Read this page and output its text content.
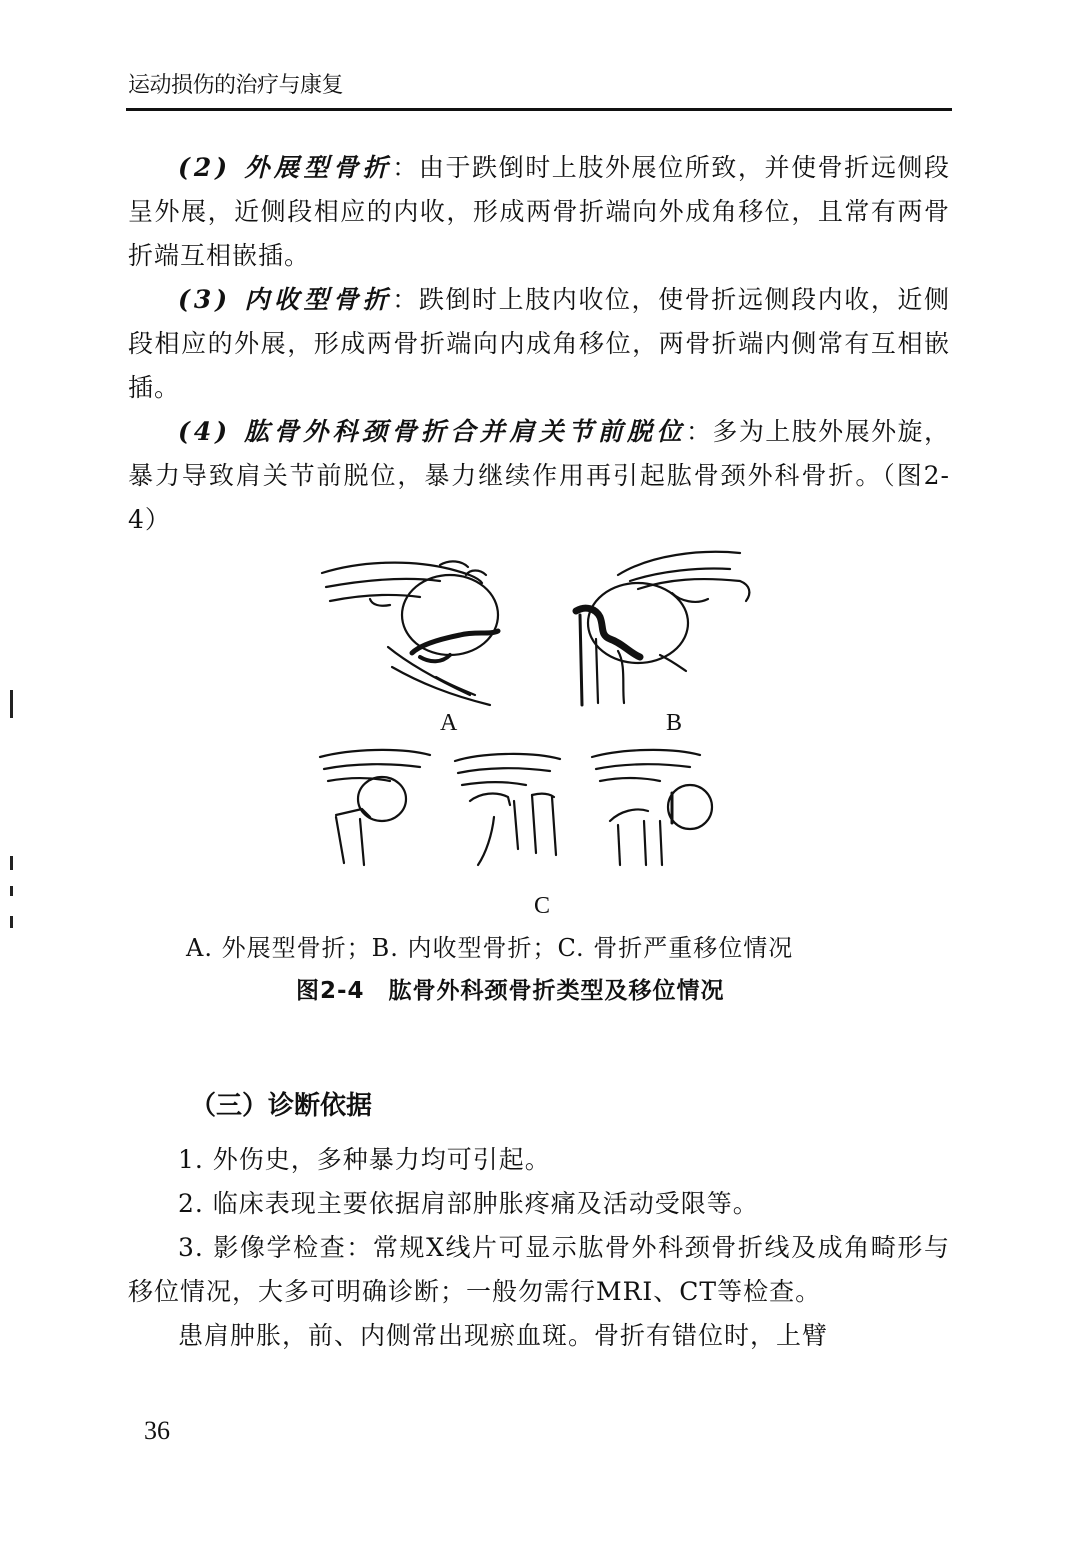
运动损伤的治疗与康复

(2) 外展型骨折：由于跌倒时上肢外展位所致，并使骨折远侧段呈外展，近侧段相应的内收，形成两骨折端向外成角移位，且常有两骨折端互相嵌插。

(3) 内收型骨折：跌倒时上肢内收位，使骨折远侧段内收，近侧段相应的外展，形成两骨折端向内成角移位，两骨折端内侧常有互相嵌插。

(4) 肱骨外科颈骨折合并肩关节前脱位：多为上肢外展外旋，暴力导致肩关节前脱位，暴力继续作用再引起肱骨颈外科骨折。（图2-4）

A	B
C
A. 外展型骨折；B. 内收型骨折；C. 骨折严重移位情况
图2-4　肱骨外科颈骨折类型及移位情况
（三）诊断依据

1. 外伤史，多种暴力均可引起。

2. 临床表现主要依据肩部肿胀疼痛及活动受限等。

3. 影像学检查：常规X线片可显示肱骨外科颈骨折线及成角畸形与移位情况，大多可明确诊断；一般勿需行MRI、CT等检查。

患肩肿胀，前、内侧常出现瘀血斑。骨折有错位时，上臂

36
